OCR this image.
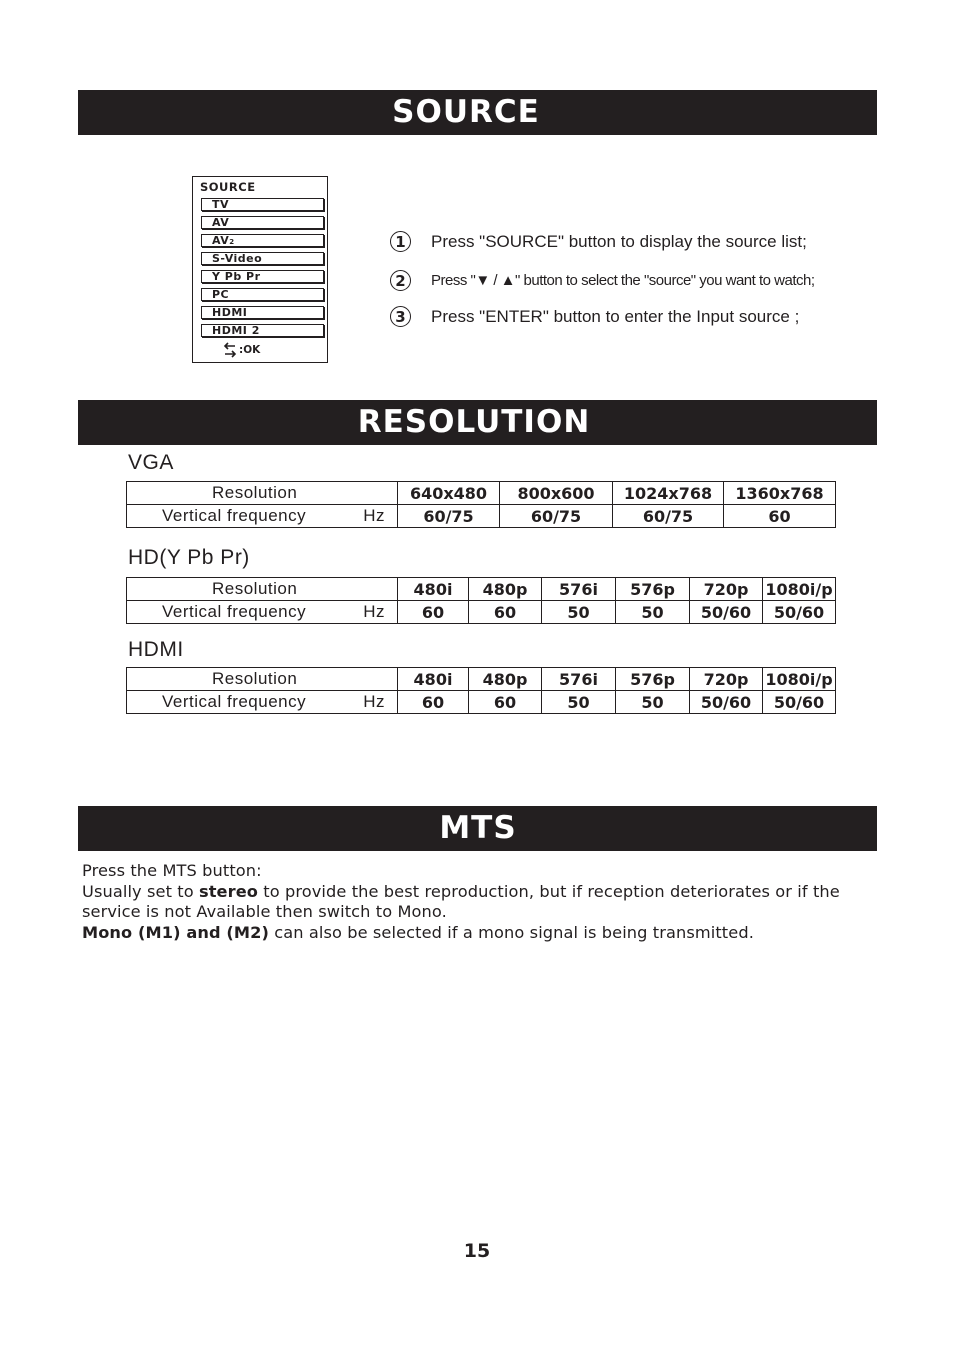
SOURCE
SOURCE
TV
AV
AV2
S-Video
Y Pb Pr
PC
HDMI
HDMI 2
:OK
1	Press "SOURCE" button to display the source list;
2	Press "▼ / ▲" button to select the "source" you want to watch;
3	Press "ENTER" button to enter the Input source ;
RESOLUTION
VGA
Resolution	640x480	800x600	1024x768	1360x768
Vertical frequency Hz	60/75	60/75	60/75	60
HD(Y Pb Pr)
Resolution	480i	480p	576i	576p	720p	1080i/p
Vertical frequency Hz	60	60	50	50	50/60	50/60
HDMI
Resolution	480i	480p	576i	576p	720p	1080i/p
Vertical frequency Hz	60	60	50	50	50/60	50/60
MTS

Press the MTS button:

Usually set to stereo to provide the best reproduction, but if reception deteriorates or if the service is not Available then switch to Mono.

Mono (M1) and (M2) can also be selected if a mono signal is being transmitted.

15
